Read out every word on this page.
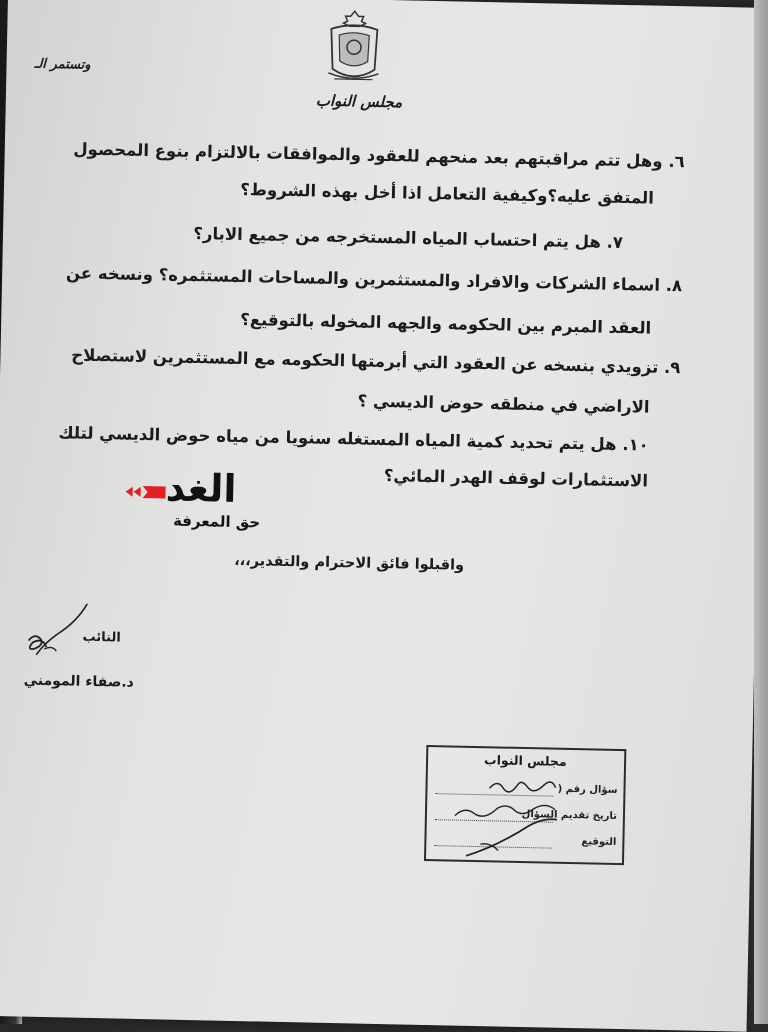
مجلس النواب
وتستمر الـ
٦. وهل تتم مراقبتهم بعد منحهم للعقود والموافقات بالالتزام بنوع المحصول
المتفق عليه؟وكيفية التعامل اذا أخل بهذه الشروط؟
٧. هل يتم احتساب المياه المستخرجه من جميع الابار؟
٨. اسماء الشركات والافراد والمستثمرين والمساحات المستثمره؟ ونسخه عن
العقد المبرم بين الحكومه والجهه المخوله بالتوقيع؟
٩. تزويدي بنسخه عن العقود التي أبرمتها الحكومه مع المستثمرين لاستصلاح
الاراضي في منطقه حوض الديسي ؟
١٠. هل يتم تحديد كمية المياه المستغله سنويا من مياه حوض الديسي لتلك
الاستثمارات لوقف الهدر المائي؟
الغد
حق المعرفة
واقبلوا فائق الاحترام والتقدير،،،
النائب
د.صفاء المومني
مجلس النواب
سؤال رقم (
تاريخ تقديم السؤال
التوقيع
